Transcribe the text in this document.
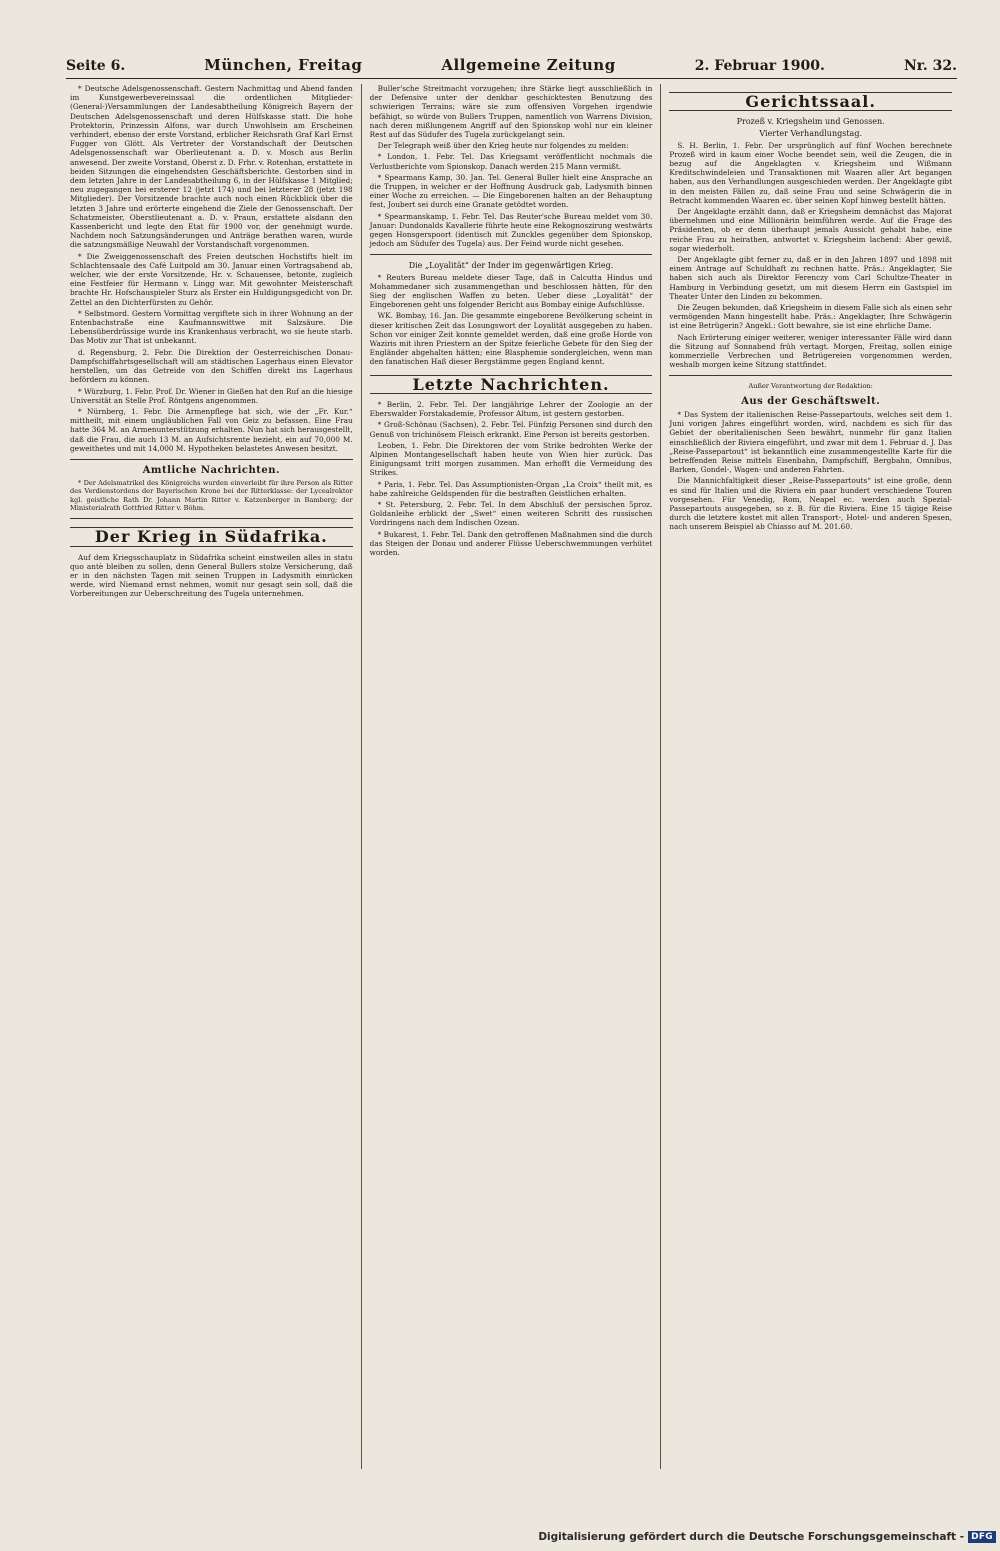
Seite 6.	München, Freitag	Allgemeine Zeitung	2. Februar 1900.	Nr. 32.

* Deutsche Adelsgenossenschaft. Gestern Nachmittag und Abend fanden im Kunstgewerbevereinssaal die ordentlichen Mitglieder-(General-)Versammlungen der Landesabtheilung Königreich Bayern der Deutschen Adelsgenossenschaft und deren Hülfskasse statt. Die hohe Protektorin, Prinzessin Alfons, war durch Unwohlsein am Erscheinen verhindert, ebenso der erste Vorstand, erblicher Reichsrath Graf Karl Ernst Fugger von Glött. Als Vertreter der Vorstandschaft der Deutschen Adelsgenossenschaft war Oberlieutenant a. D. v. Mosch aus Berlin anwesend. Der zweite Vorstand, Oberst z. D. Frhr. v. Rotenhan, erstattete in beiden Sitzungen die eingehendsten Geschäftsberichte. Gestorben sind in dem letzten Jahre in der Landesabtheilung 6, in der Hülfskasse 1 Mitglied; neu zugegangen bei ersterer 12 (jetzt 174) und bei letzterer 28 (jetzt 198 Mitglieder). Der Vorsitzende brachte auch noch einen Rückblick über die letzten 3 Jahre und erörterte eingehend die Ziele der Genossenschaft. Der Schatzmeister, Oberstlieutenant a. D. v. Praun, erstattete alsdann den Kassenbericht und legte den Etat für 1900 vor, der genehmigt wurde. Nachdem noch Satzungsänderungen und Anträge berathen waren, wurde die satzungsmäßige Neuwahl der Vorstandschaft vorgenommen.

* Die Zweiggenossenschaft des Freien deutschen Hochstifts hielt im Schlachtensaale des Café Luitpold am 30. Januar einen Vortragsabend ab, welcher, wie der erste Vorsitzende, Hr. v. Schauensee, betonte, zugleich eine Festfeier für Hermann v. Lingg war. Mit gewohnter Meisterschaft brachte Hr. Hofschauspieler Sturz als Erster ein Huldigungsgedicht von Dr. Zettel an den Dichterfürsten zu Gehör.

* Selbstmord. Gestern Vormittag vergiftete sich in ihrer Wohnung an der Entenbachstraße eine Kaufmannswittwe mit Salzsäure. Die Lebensüberdrüssige wurde ins Krankenhaus verbracht, wo sie heute starb. Das Motiv zur That ist unbekannt.

d. Regensburg, 2. Febr. Die Direktion der Oesterreichischen Donau-Dampfschiffahrtsgesellschaft will am städtischen Lagerhaus einen Elevator herstellen, um das Getreide von den Schiffen direkt ins Lagerhaus befördern zu können.

* Würzburg, 1. Febr. Prof. Dr. Wiener in Gießen hat den Ruf an die hiesige Universität an Stelle Prof. Röntgens angenommen.

* Nürnberg, 1. Febr. Die Armenpflege hat sich, wie der „Fr. Kur.“ mittheilt, mit einem ungläublichen Fall von Geiz zu befassen. Eine Frau hatte 364 M. an Armenunterstützung erhalten. Nun hat sich herausgestellt, daß die Frau, die auch 13 M. an Aufsichtsrente bezieht, ein auf 70,000 M. geweithetes und mit 14,000 M. Hypotheken belastetes Anwesen besitzt.

Amtliche Nachrichten.

* Der Adelsmatrikel des Königreichs wurden einverleibt für ihre Person als Ritter des Verdienstordens der Bayerischen Krone bei der Ritterklasse: der Lycealrektor kgl. geistliche Rath Dr. Johann Martin Ritter v. Katzenberger in Bamberg; der Ministerialrath Gottfried Ritter v. Böhm.

Der Krieg in Südafrika.

Auf dem Kriegsschauplatz in Südafrika scheint einstweilen alles in statu quo antè bleiben zu sollen, denn General Bullers stolze Versicherung, daß er in den nächsten Tagen mit seinen Truppen in Ladysmith einrücken werde, wird Niemand ernst nehmen, womit nur gesagt sein soll, daß die Vorbereitungen zur Ueberschreitung des Tugela unternehmen.

Buller'sche Streitmacht vorzugehen; ihre Stärke liegt ausschließlich in der Defensive unter der denkbar geschicktesten Benutzung des schwierigen Terrains; wäre sie zum offensiven Vorgehen irgendwie befähigt, so würde von Bullers Truppen, namentlich von Warrens Division, nach deren mißlungenem Angriff auf den Spionskop wohl nur ein kleiner Rest auf das Südufer des Tugela zurückgelangt sein.

Der Telegraph weiß über den Krieg heute nur folgendes zu melden:

* London, 1. Febr. Tel. Das Kriegsamt veröffentlicht nochmals die Verlustberichte vom Spionskop. Danach werden 215 Mann vermißt.

* Spearmans Kamp, 30. Jan. Tel. General Buller hielt eine Ansprache an die Truppen, in welcher er der Hoffnung Ausdruck gab, Ladysmith binnen einer Woche zu erreichen. — Die Eingeborenen halten an der Behauptung fest, Joubert sei durch eine Granate getödtet worden.

* Spearmanskamp, 1. Febr. Tel. Das Reuter'sche Bureau meldet vom 30. Januar: Dundonalds Kavallerie führte heute eine Rekognoszirung westwärts gegen Honsgerspoort (identisch mit Zunckles gegenüber dem Spionskop, jedoch am Südufer des Tugela) aus. Der Feind wurde nicht gesehen.

Die „Loyalität“ der Inder im gegenwärtigen Krieg.

* Reuters Bureau meldete dieser Tage, daß in Calcutta Hindus und Mohammedaner sich zusammengethan und beschlossen hätten, für den Sieg der englischen Waffen zu beten. Ueber diese „Loyalität“ der Eingeborenen geht uns folgender Bericht aus Bombay einige Aufschlüsse.

WK. Bombay, 16. Jan. Die gesammte eingeborene Bevölkerung scheint in dieser kritischen Zeit das Losungswort der Loyalität ausgegeben zu haben. Schon vor einiger Zeit konnte gemeldet werden, daß eine große Horde von Waziris mit ihren Priestern an der Spitze feierliche Gebete für den Sieg der Engländer abgehalten hätten; eine Blasphemie sondergleichen, wenn man den fanatischen Haß dieser Bergstämme gegen England kennt.

Letzte Nachrichten.

* Berlin, 2. Febr. Tel. Der langjährige Lehrer der Zoologie an der Eberswalder Forstakademie, Professor Altum, ist gestern gestorben.

* Groß-Schönau (Sachsen), 2. Febr. Tel. Fünfzig Personen sind durch den Genuß von trichinösem Fleisch erkrankt. Eine Person ist bereits gestorben.

Leoben, 1. Febr. Die Direktoren der vom Strike bedrohten Werke der Alpinen Montangesellschaft haben heute von Wien hier zurück. Das Einigungsamt tritt morgen zusammen. Man erhofft die Vermeidung des Strikes.

* Paris, 1. Febr. Tel. Das Assumptionisten-Organ „La Croix“ theilt mit, es habe zahlreiche Geldspenden für die bestraften Geistlichen erhalten.

* St. Petersburg, 2. Febr. Tel. In dem Abschluß der persischen 5proz. Goldanleihe erblickt der „Swet“ einen weiteren Schritt des russischen Vordringens nach dem Indischen Ozean.

* Bukarest, 1. Febr. Tel. Dank den getroffenen Maßnahmen sind die durch das Steigen der Donau und anderer Flüsse Ueberschwemmungen verhütet worden.

Gerichtssaal.
Prozeß v. Kriegsheim und Genossen.
Vierter Verhandlungstag.

S. H. Berlin, 1. Febr. Der ursprünglich auf fünf Wochen berechnete Prozeß wird in kaum einer Woche beendet sein, weil die Zeugen, die in bezug auf die Angeklagten v. Kriegsheim und Wißmann Kreditschwindeleien und Transaktionen mit Waaren aller Art begangen haben, aus den Verhandlungen ausgeschieden werden. Der Angeklagte gibt in den meisten Fällen zu, daß seine Frau und seine Schwägerin die in Betracht kommenden Waaren ec. über seinen Kopf hinweg bestellt hätten.

Der Angeklagte erzählt dann, daß er Kriegsheim demnächst das Majorat übernehmen und eine Millionärin beimführen werde. Auf die Frage des Präsidenten, ob er denn überhaupt jemals Aussicht gehabt habe, eine reiche Frau zu heirathen, antwortet v. Kriegsheim lachend: Aber gewiß, sogar wiederholt.

Der Angeklagte gibt ferner zu, daß er in den Jahren 1897 und 1898 mit einem Antrage auf Schuldhaft zu rechnen hatte. Präs.: Angeklagter, Sie haben sich auch als Direktor Ferenczy vom Carl Schultze-Theater in Hamburg in Verbindung gesetzt, um mit diesem Herrn ein Gastspiel im Theater Unter den Linden zu bekommen.

Die Zeugen bekunden, daß Kriegsheim in diesem Falle sich als einen sehr vermögenden Mann hingestellt habe. Präs.: Angeklagter, Ihre Schwägerin ist eine Betrügerin? Angekl.: Gott bewahre, sie ist eine ehrliche Dame.

Nach Erörterung einiger weiterer, weniger interessanter Fälle wird dann die Sitzung auf Sonnabend früh vertagt. Morgen, Freitag, sollen einige kommerzielle Verbrechen und Betrügereien vorgenommen werden, weshalb morgen keine Sitzung stattfindet.

Außer Verantwortung der Redaktion:

Aus der Geschäftswelt.

* Das System der italienischen Reise-Passepartouts, welches seit dem 1. Juni vorigen Jahres eingeführt worden, wird, nachdem es sich für das Gebiet der oberitalienischen Seen bewährt, nunmehr für ganz Italien einschließlich der Riviera eingeführt, und zwar mit dem 1. Februar d. J. Das „Reise-Passepartout“ ist bekanntlich eine zusammengestellte Karte für die betreffenden Reise mittels Eisenbahn, Dampfschiff, Bergbahn, Omnibus, Barken, Gondel-, Wagen- und anderen Fahrten.

Die Mannichfaltigkeit dieser „Reise-Passepartouts“ ist eine große, denn es sind für Italien und die Riviera ein paar hundert verschiedene Touren vorgesehen. Für Venedig, Rom, Neapel ec. werden auch Spezial-Passepartouts ausgegeben, so z. B. für die Riviera. Eine 15 tägige Reise durch die letztere kostet mit allen Transport-, Hotel- und anderen Spesen, nach unserem Beispiel ab Chiasso auf M. 201.60.

Digitalisierung gefördert durch die Deutsche Forschungsgemeinschaft - DFG
